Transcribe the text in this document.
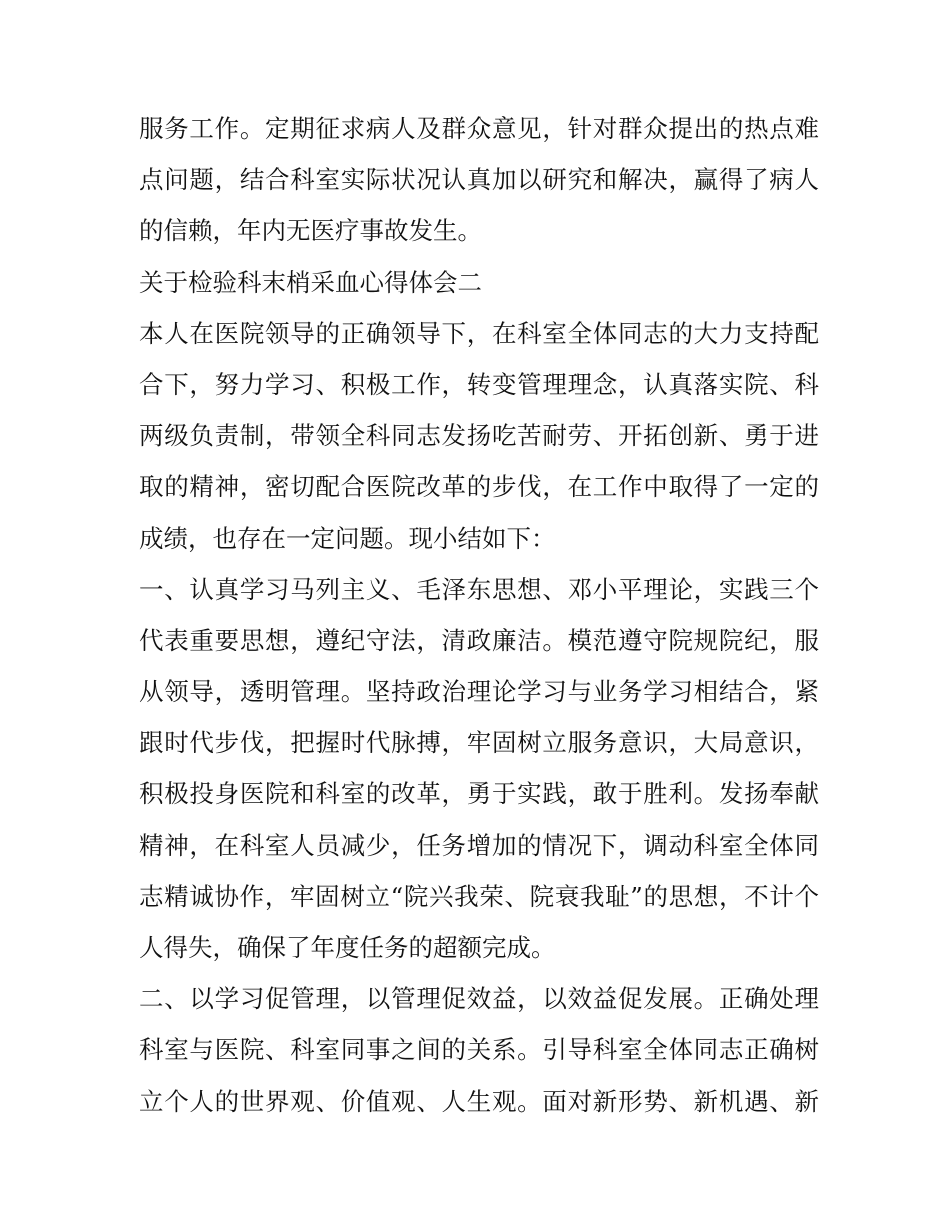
服务工作。定期征求病人及群众意见，针对群众提出的热点难
点问题，结合科室实际状况认真加以研究和解决，赢得了病人
的信赖，年内无医疗事故发生。
关于检验科末梢采血心得体会二
本人在医院领导的正确领导下，在科室全体同志的大力支持配
合下，努力学习、积极工作，转变管理理念，认真落实院、科
两级负责制，带领全科同志发扬吃苦耐劳、开拓创新、勇于进
取的精神，密切配合医院改革的步伐，在工作中取得了一定的
成绩，也存在一定问题。现小结如下：
一、认真学习马列主义、毛泽东思想、邓小平理论，实践三个
代表重要思想，遵纪守法，清政廉洁。模范遵守院规院纪，服
从领导，透明管理。坚持政治理论学习与业务学习相结合，紧
跟时代步伐，把握时代脉搏，牢固树立服务意识，大局意识，
积极投身医院和科室的改革，勇于实践，敢于胜利。发扬奉献
精神，在科室人员减少，任务增加的情况下，调动科室全体同
志精诚协作，牢固树立“院兴我荣、院衰我耻”的思想，不计个
人得失，确保了年度任务的超额完成。
二、以学习促管理，以管理促效益，以效益促发展。正确处理
科室与医院、科室同事之间的关系。引导科室全体同志正确树
立个人的世界观、价值观、人生观。面对新形势、新机遇、新
